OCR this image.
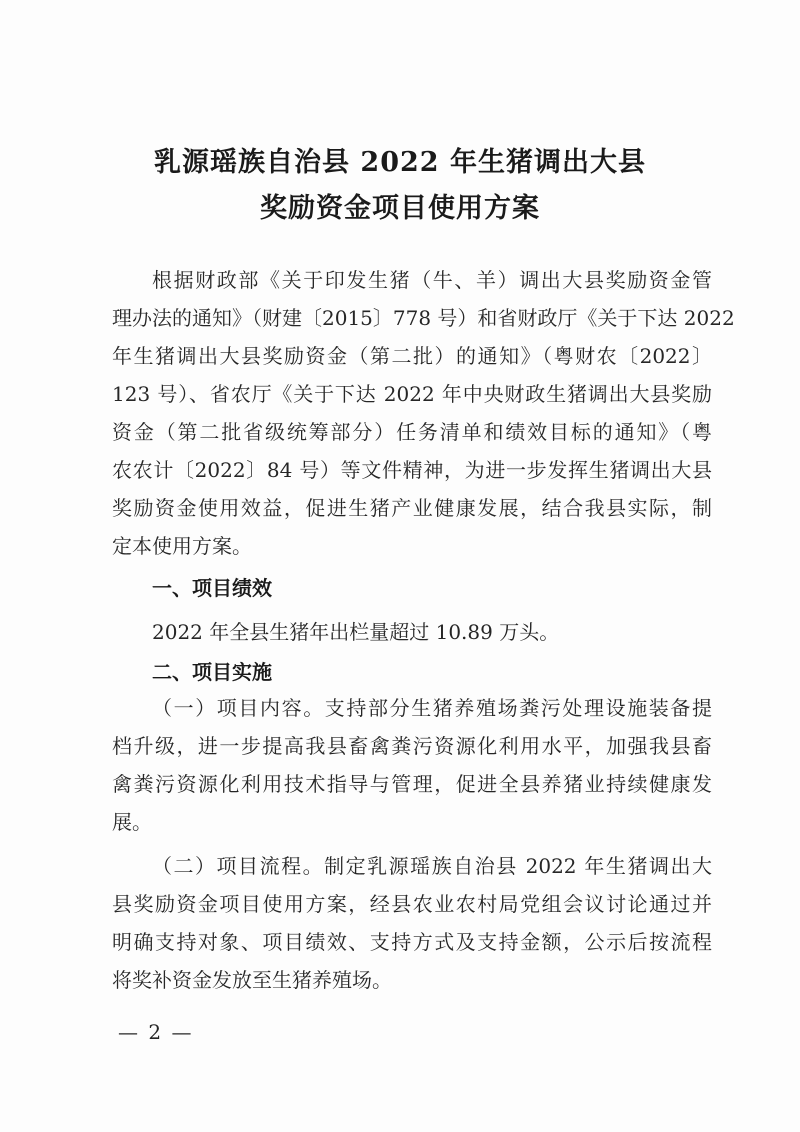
乳源瑶族自治县 2022 年生猪调出大县
奖励资金项目使用方案
根据财政部《关于印发生猪（牛、羊）调出大县奖励资金管
理办法的通知》（财建〔2015〕778 号）和省财政厅《关于下达 2022
年生猪调出大县奖励资金（第二批）的通知》（粤财农〔2022〕
123 号）、省农厅《关于下达 2022 年中央财政生猪调出大县奖励
资金（第二批省级统筹部分）任务清单和绩效目标的通知》（粤
农农计〔2022〕84 号）等文件精神，为进一步发挥生猪调出大县
奖励资金使用效益，促进生猪产业健康发展，结合我县实际，制
定本使用方案。
一、项目绩效
2022 年全县生猪年出栏量超过 10.89 万头。
二、项目实施
（一）项目内容。支持部分生猪养殖场粪污处理设施装备提
档升级，进一步提高我县畜禽粪污资源化利用水平，加强我县畜
禽粪污资源化利用技术指导与管理，促进全县养猪业持续健康发
展。
（二）项目流程。制定乳源瑶族自治县 2022 年生猪调出大
县奖励资金项目使用方案，经县农业农村局党组会议讨论通过并
明确支持对象、项目绩效、支持方式及支持金额，公示后按流程
将奖补资金发放至生猪养殖场。
— 2 —
